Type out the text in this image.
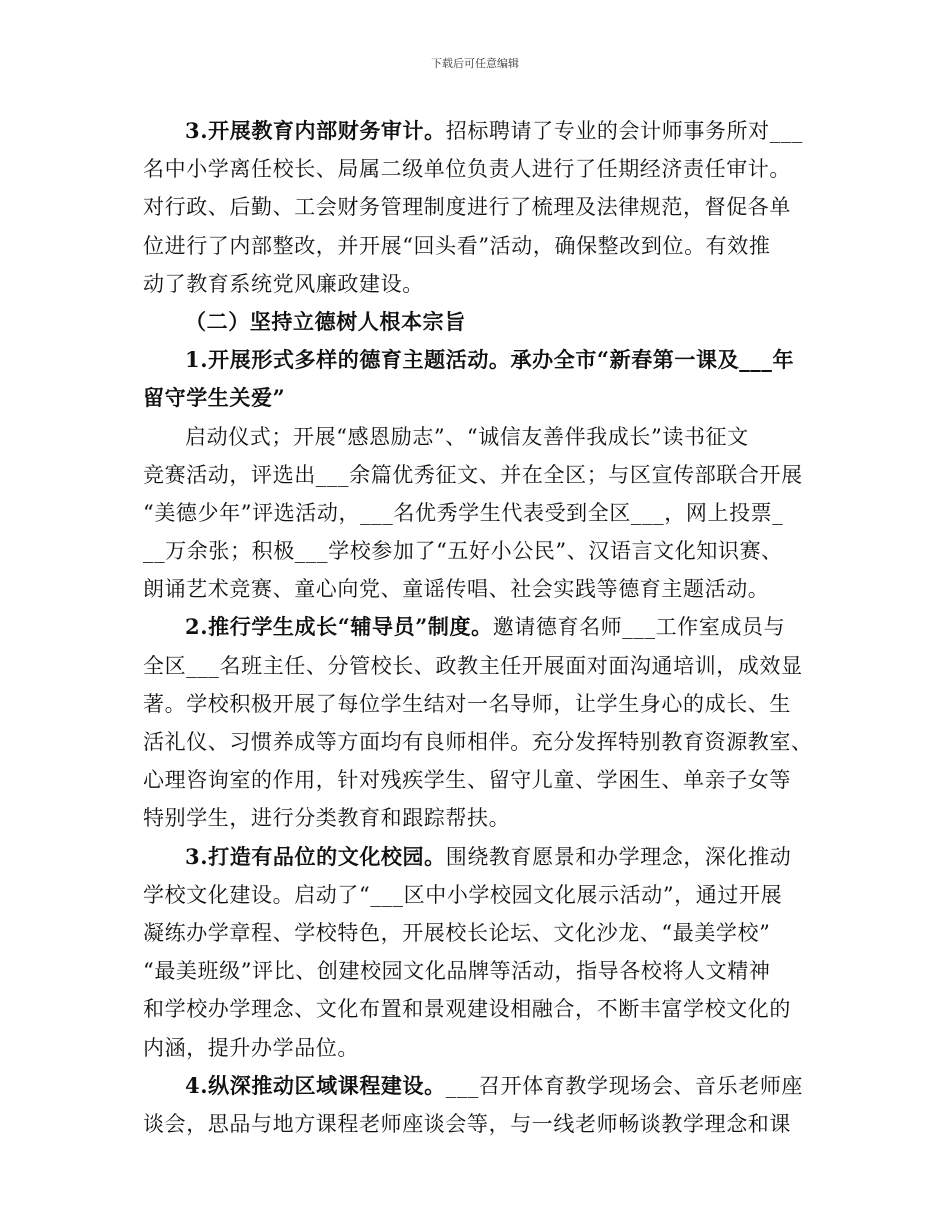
下载后可任意编辑
3.开展教育内部财务审计。招标聘请了专业的会计师事务所对___
名中小学离任校长、局属二级单位负责人进行了任期经济责任审计。
对行政、后勤、工会财务管理制度进行了梳理及法律规范，督促各单
位进行了内部整改，并开展“回头看”活动，确保整改到位。有效推
动了教育系统党风廉政建设。
（二）坚持立德树人根本宗旨
1.开展形式多样的德育主题活动。承办全市“新春第一课及___年
留守学生关爱”
启动仪式；开展“感恩励志”、“诚信友善伴我成长”读书征文
竞赛活动，评选出___余篇优秀征文、并在全区；与区宣传部联合开展
“美德少年”评选活动，___名优秀学生代表受到全区___，网上投票_
__万余张；积极___学校参加了“五好小公民”、汉语言文化知识赛、
朗诵艺术竞赛、童心向党、童谣传唱、社会实践等德育主题活动。
2.推行学生成长“辅导员”制度。邀请德育名师___工作室成员与
全区___名班主任、分管校长、政教主任开展面对面沟通培训，成效显
著。学校积极开展了每位学生结对一名导师，让学生身心的成长、生
活礼仪、习惯养成等方面均有良师相伴。充分发挥特别教育资源教室、
心理咨询室的作用，针对残疾学生、留守儿童、学困生、单亲子女等
特别学生，进行分类教育和跟踪帮扶。
3.打造有品位的文化校园。围绕教育愿景和办学理念，深化推动
学校文化建设。启动了“___区中小学校园文化展示活动”，通过开展
凝练办学章程、学校特色，开展校长论坛、文化沙龙、“最美学校”
“最美班级”评比、创建校园文化品牌等活动，指导各校将人文精神
和学校办学理念、文化布置和景观建设相融合，不断丰富学校文化的
内涵，提升办学品位。
4.纵深推动区域课程建设。___召开体育教学现场会、音乐老师座
谈会，思品与地方课程老师座谈会等，与一线老师畅谈教学理念和课
